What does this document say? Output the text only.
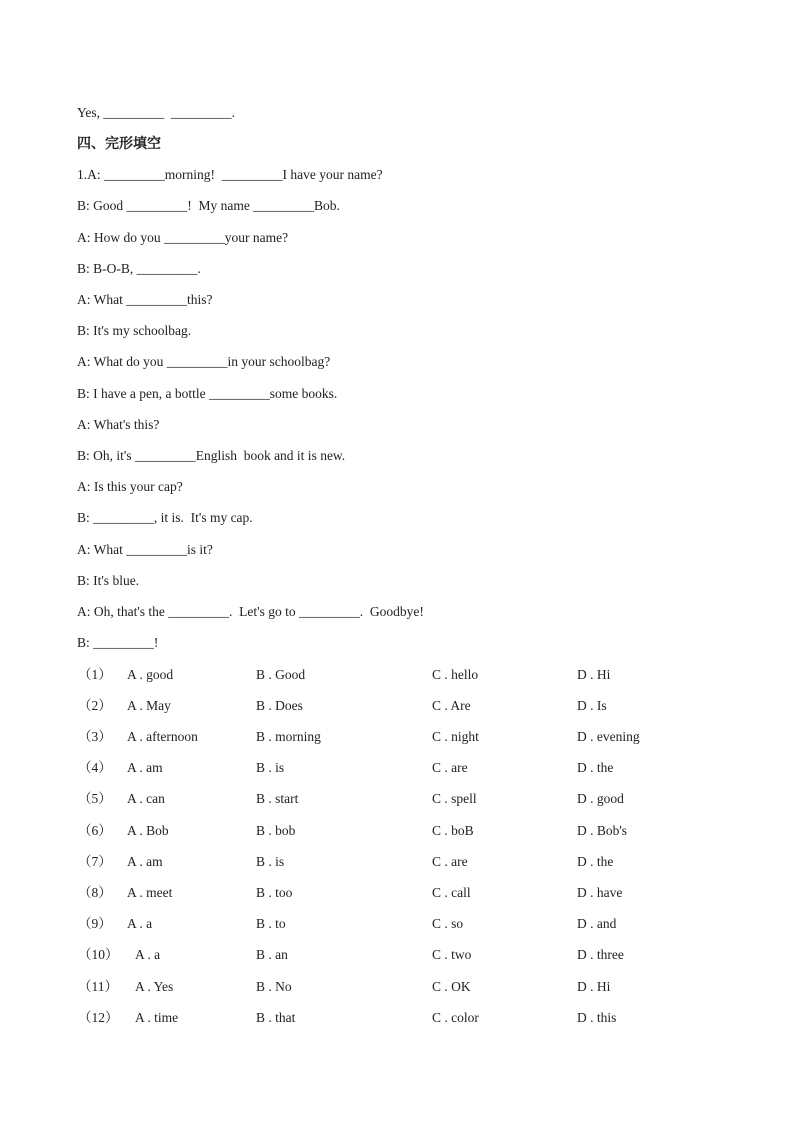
Yes, _________  _________.
四、完形填空
1.A: _________morning!  _________I have your name?
B: Good _________!  My name _________Bob.
A: How do you _________your name?
B: B-O-B, _________.
A: What _________this?
B: It's my schoolbag.
A: What do you _________in your schoolbag?
B: I have a pen, a bottle _________some books.
A: What's this?
B: Oh, it's _________English  book and it is new.
A: Is this your cap?
B: _________, it is.  It's my cap.
A: What _________is it?
B: It's blue.
A: Oh, that's the _________.  Let's go to _________.  Goodbye!
B: _________!
（1） A . good	B . Good	C . hello	D . Hi
（2） A . May	B . Does	C . Are	D . Is
（3） A . afternoon	B . morning	C . night	D . evening
（4） A . am	B . is	C . are	D . the
（5） A . can	B . start	C . spell	D . good
（6） A . Bob	B . bob	C . boB	D . Bob's
（7） A . am	B . is	C . are	D . the
（8） A . meet	B . too	C . call	D . have
（9） A . a	B . to	C . so	D . and
（10） A . a	B . an	C . two	D . three
（11） A . Yes	B . No	C . OK	D . Hi
（12） A . time	B . that	C . color	D . this
